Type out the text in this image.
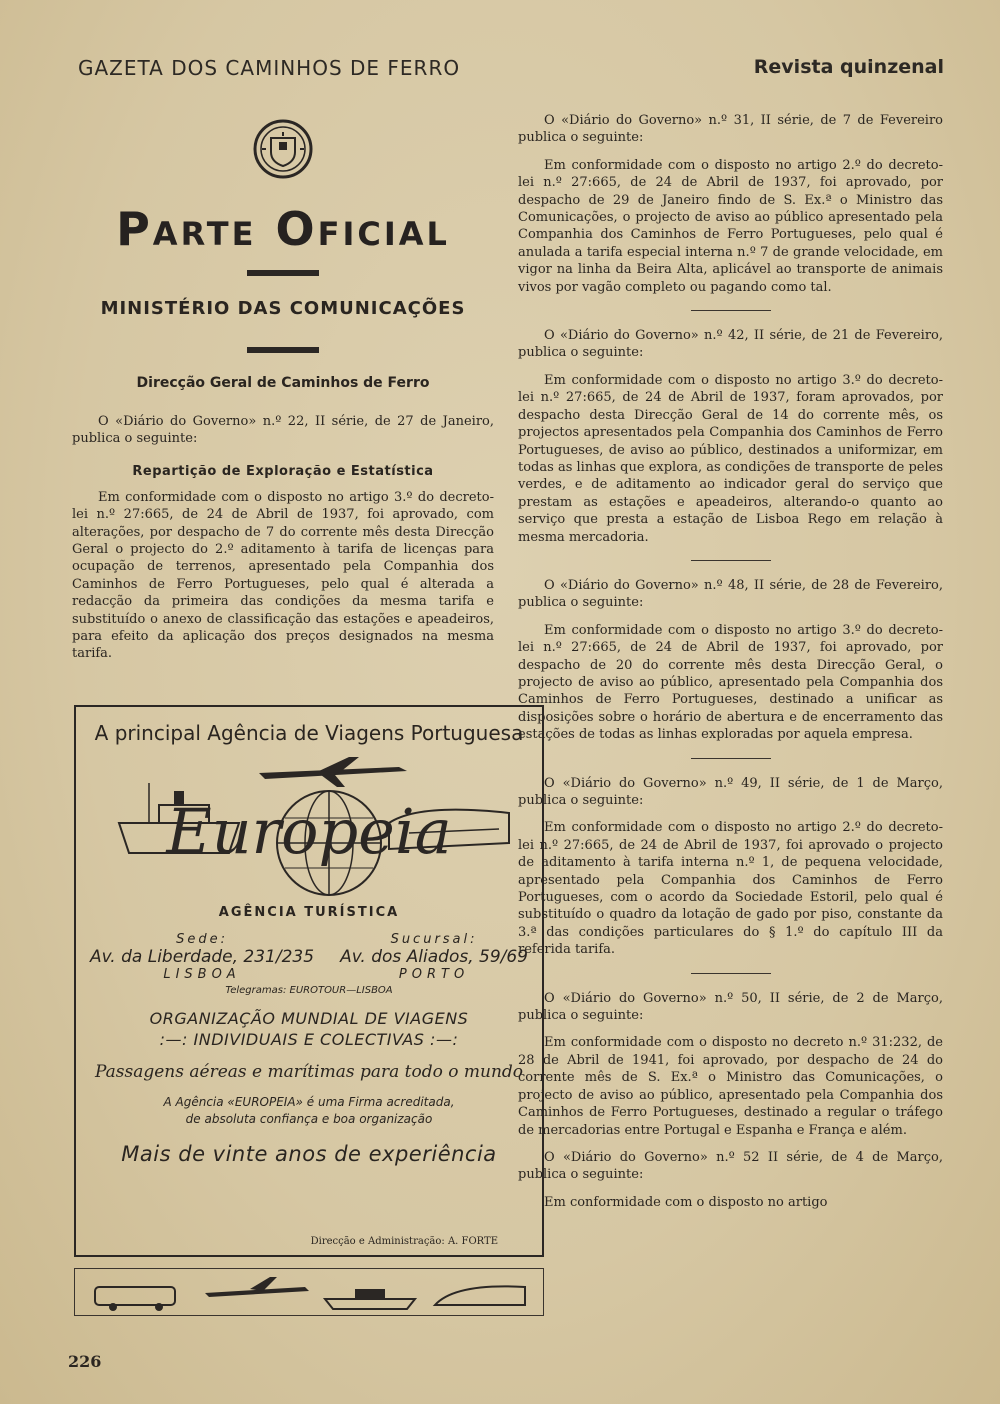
GAZETA DOS CAMINHOS DE FERRO	Revista quinzenal
Parte Oficial
MINISTÉRIO DAS COMUNICAÇÕES
Direcção Geral de Caminhos de Ferro

O «Diário do Governo» n.º 22, II série, de 27 de Janeiro, publica o seguinte:

Repartição de Exploração e Estatística

Em conformidade com o disposto no artigo 3.º do decreto-lei n.º 27:665, de 24 de Abril de 1937, foi aprovado, com alterações, por despacho de 7 do corrente mês desta Direcção Geral o projecto do 2.º aditamento à tarifa de licenças para ocupação de terrenos, apresentado pela Companhia dos Caminhos de Ferro Portugueses, pelo qual é alterada a redacção da primeira das condições da mesma tarifa e substituído o anexo de classificação das estações e apeadeiros, para efeito da aplicação dos preços designados na mesma tarifa.

A principal Agência de Viagens Portuguesa
Europeia
AGÊNCIA TURÍSTICA
Sede:
Av. da Liberdade, 231/235
LISBOA
Sucursal:
Av. dos Aliados, 59/69
PORTO
Telegramas: EUROTOUR—LISBOA
ORGANIZAÇÃO MUNDIAL DE VIAGENS
:—: INDIVIDUAIS E COLECTIVAS :—:
Passagens aéreas e marítimas para todo o mundo
A Agência «EUROPEIA» é uma Firma acreditada,
de absoluta confiança e boa organização
Mais de vinte anos de experiência
Direcção e Administração: A. FORTE

O «Diário do Governo» n.º 31, II série, de 7 de Fevereiro publica o seguinte:

Em conformidade com o disposto no artigo 2.º do decreto-lei n.º 27:665, de 24 de Abril de 1937, foi aprovado, por despacho de 29 de Janeiro findo de S. Ex.ª o Ministro das Comunicações, o projecto de aviso ao público apresentado pela Companhia dos Caminhos de Ferro Portugueses, pelo qual é anulada a tarifa especial interna n.º 7 de grande velocidade, em vigor na linha da Beira Alta, aplicável ao transporte de animais vivos por vagão completo ou pagando como tal.

O «Diário do Governo» n.º 42, II série, de 21 de Fevereiro, publica o seguinte:

Em conformidade com o disposto no artigo 3.º do decreto-lei n.º 27:665, de 24 de Abril de 1937, foram aprovados, por despacho desta Direcção Geral de 14 do corrente mês, os projectos apresentados pela Companhia dos Caminhos de Ferro Portugueses, de aviso ao público, destinados a uniformizar, em todas as linhas que explora, as condições de transporte de peles verdes, e de aditamento ao indicador geral do serviço que prestam as estações e apeadeiros, alterando-o quanto ao serviço que presta a estação de Lisboa Rego em relação à mesma mercadoria.

O «Diário do Governo» n.º 48, II série, de 28 de Fevereiro, publica o seguinte:

Em conformidade com o disposto no artigo 3.º do decreto-lei n.º 27:665, de 24 de Abril de 1937, foi aprovado, por despacho de 20 do corrente mês desta Direcção Geral, o projecto de aviso ao público, apresentado pela Companhia dos Caminhos de Ferro Portugueses, destinado a unificar as disposições sobre o horário de abertura e de encerramento das estações de todas as linhas exploradas por aquela empresa.

O «Diário do Governo» n.º 49, II série, de 1 de Março, publica o seguinte:

Em conformidade com o disposto no artigo 2.º do decreto-lei n.º 27:665, de 24 de Abril de 1937, foi aprovado o projecto de aditamento à tarifa interna n.º 1, de pequena velocidade, apresentado pela Companhia dos Caminhos de Ferro Portugueses, com o acordo da Sociedade Estoril, pelo qual é substituído o quadro da lotação de gado por piso, constante da 3.ª das condições particulares do § 1.º do capítulo III da referida tarifa.

O «Diário do Governo» n.º 50, II série, de 2 de Março, publica o seguinte:

Em conformidade com o disposto no decreto n.º 31:232, de 28 de Abril de 1941, foi aprovado, por despacho de 24 do corrente mês de S. Ex.ª o Ministro das Comunicações, o projecto de aviso ao público, apresentado pela Companhia dos Caminhos de Ferro Portugueses, destinado a regular o tráfego de mercadorias entre Portugal e Espanha e França e além.

O «Diário do Governo» n.º 52 II série, de 4 de Março, publica o seguinte:

Em conformidade com o disposto no artigo

226
